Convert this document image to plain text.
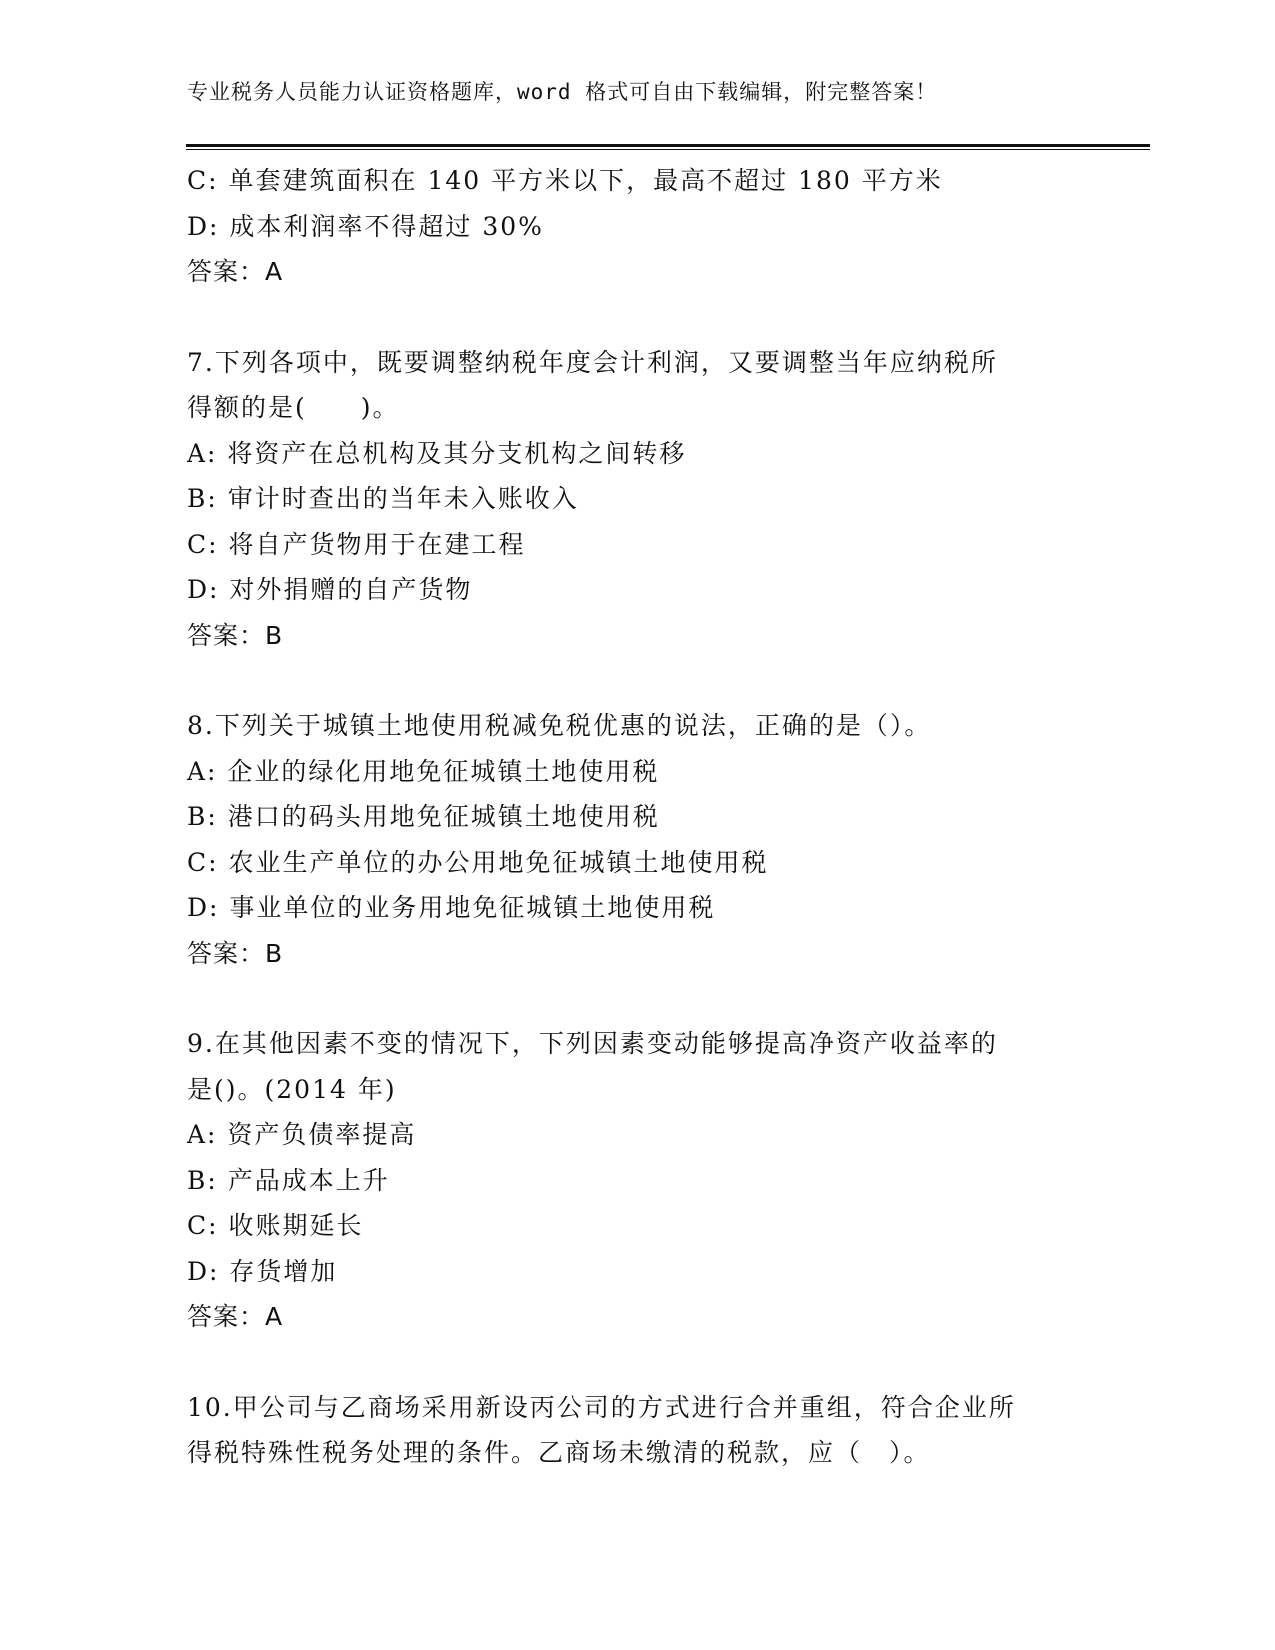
专业税务人员能力认证资格题库，word 格式可自由下载编辑，附完整答案！
C: 单套建筑面积在 140 平方米以下，最高不超过 180 平方米
D: 成本利润率不得超过 30%
答案：A
7.下列各项中，既要调整纳税年度会计利润，又要调整当年应纳税所
得额的是(　　)。
A: 将资产在总机构及其分支机构之间转移
B: 审计时查出的当年未入账收入
C: 将自产货物用于在建工程
D: 对外捐赠的自产货物
答案：B
8.下列关于城镇土地使用税减免税优惠的说法，正确的是（）。
A: 企业的绿化用地免征城镇土地使用税
B: 港口的码头用地免征城镇土地使用税
C: 农业生产单位的办公用地免征城镇土地使用税
D: 事业单位的业务用地免征城镇土地使用税
答案：B
9.在其他因素不变的情况下，下列因素变动能够提高净资产收益率的
是()。(2014 年)
A: 资产负债率提高
B: 产品成本上升
C: 收账期延长
D: 存货增加
答案：A
10.甲公司与乙商场采用新设丙公司的方式进行合并重组，符合企业所
得税特殊性税务处理的条件。乙商场未缴清的税款，应（　）。
